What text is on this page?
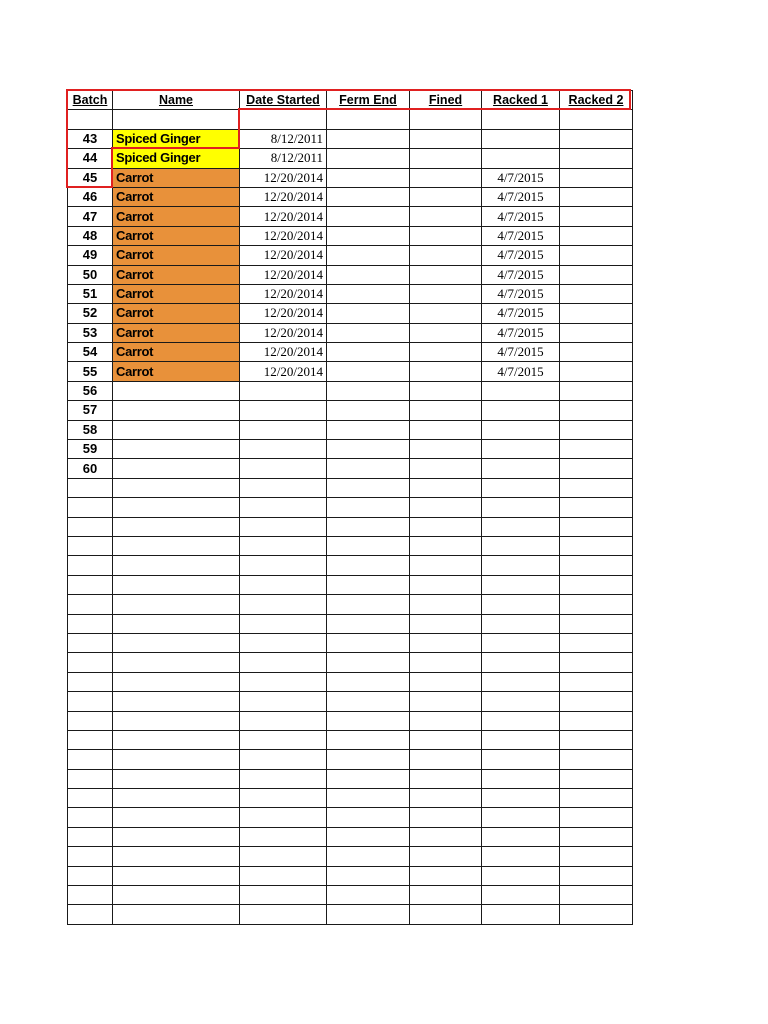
Batch	Name	Date Started	Ferm End	Fined	Racked 1	Racked 2

43	Spiced Ginger	8/12/2011				
44	Spiced Ginger	8/12/2011				
45	Carrot	12/20/2014			4/7/2015	
46	Carrot	12/20/2014			4/7/2015	
47	Carrot	12/20/2014			4/7/2015	
48	Carrot	12/20/2014			4/7/2015	
49	Carrot	12/20/2014			4/7/2015	
50	Carrot	12/20/2014			4/7/2015	
51	Carrot	12/20/2014			4/7/2015	
52	Carrot	12/20/2014			4/7/2015	
53	Carrot	12/20/2014			4/7/2015	
54	Carrot	12/20/2014			4/7/2015	
55	Carrot	12/20/2014			4/7/2015	
56						
57						
58						
59						
60						
